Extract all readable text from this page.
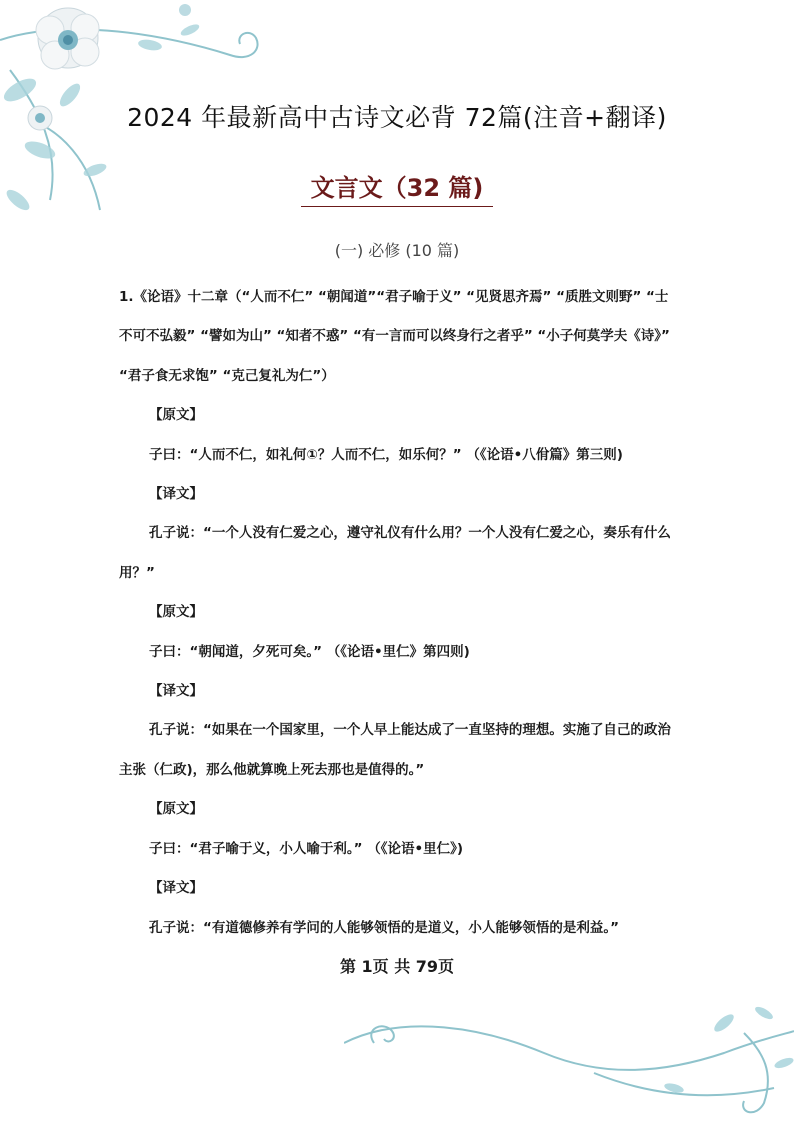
2024 年最新高中古诗文必背 72篇(注音+翻译)
文言文（32 篇)
(一) 必修 (10 篇)

1.《论语》十二章（“人而不仁” “朝闻道”“君子喻于义” “见贤思齐焉” “质胜文则野” “士不可不弘毅” “譬如为山” “知者不惑” “有一言而可以终身行之者乎” “小子何莫学夫《诗》” “君子食无求饱” “克己复礼为仁”）

【原文】

子曰：“人而不仁，如礼何①？人而不仁，如乐何？” （《论语•八佾篇》第三则)

【译文】

孔子说：“一个人没有仁爱之心，遵守礼仪有什么用？一个人没有仁爱之心，奏乐有什么用？”

【原文】

子曰：“朝闻道，夕死可矣。” （《论语•里仁》第四则)

【译文】

孔子说：“如果在一个国家里，一个人早上能达成了一直坚持的理想。实施了自己的政治主张（仁政)，那么他就算晚上死去那也是值得的。”

【原文】

子曰：“君子喻于义，小人喻于利。” （《论语•里仁》)

【译文】

孔子说：“有道德修养有学问的人能够领悟的是道义，小人能够领悟的是利益。”

第 1页 共 79页
